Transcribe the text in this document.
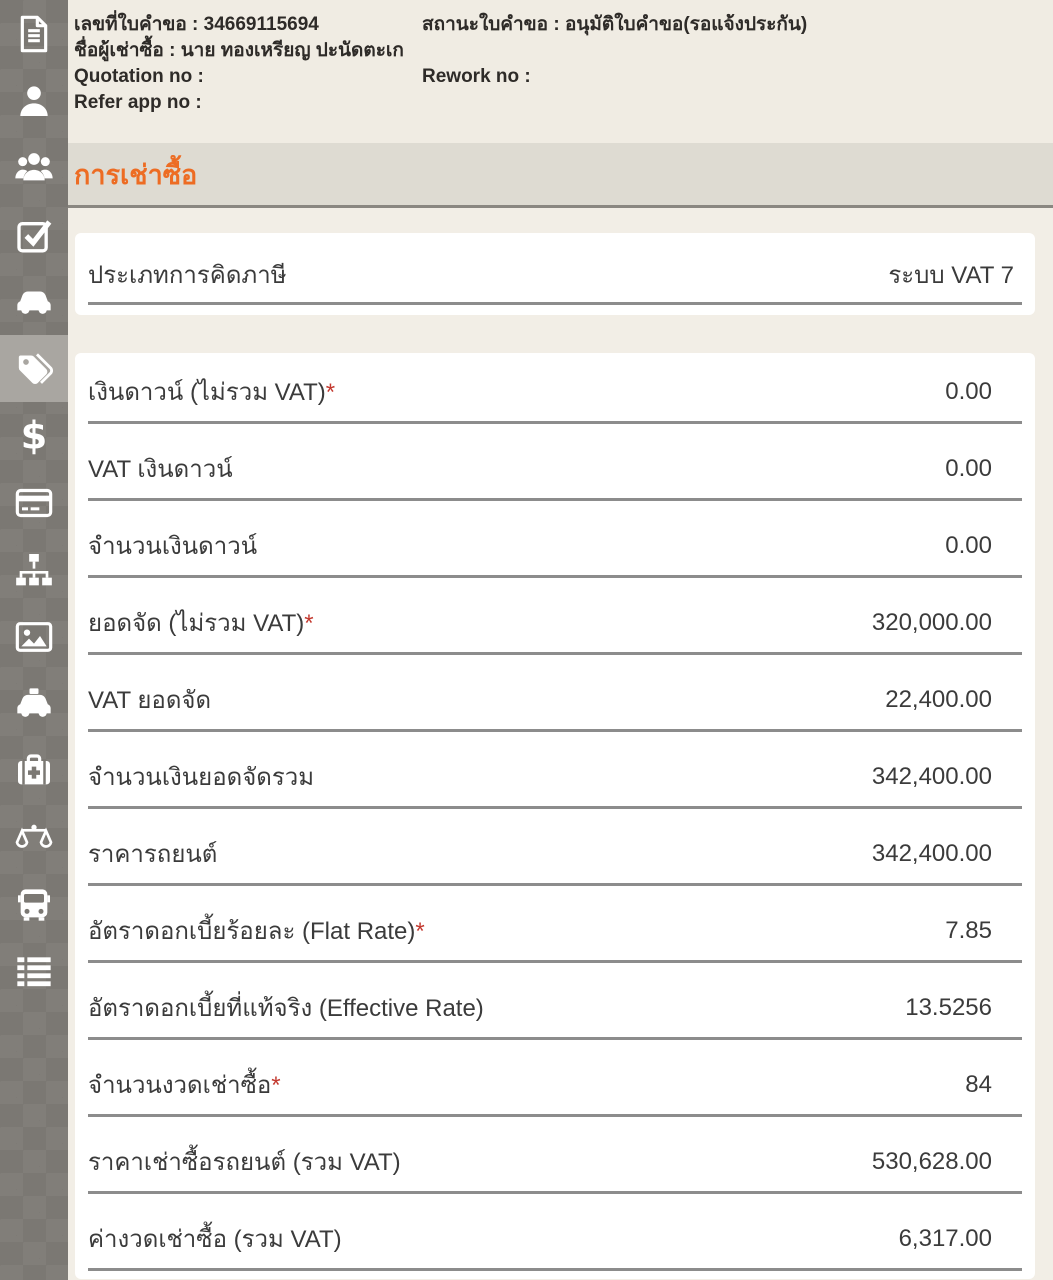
$
เลขที่ใบคำขอ : 34669115694	สถานะใบคำขอ : อนุมัติใบคำขอ(รอแจ้งประกัน)
ชื่อผู้เช่าซื้อ : นาย ทองเหรียญ ปะนัดตะเก
Quotation no :	Rework no :
Refer app no :
การเช่าซื้อ
ประเภทการคิดภาษี	ระบบ VAT 7
เงินดาวน์ (ไม่รวม VAT)*	0.00
VAT เงินดาวน์	0.00
จำนวนเงินดาวน์	0.00
ยอดจัด (ไม่รวม VAT)*	320,000.00
VAT ยอดจัด	22,400.00
จำนวนเงินยอดจัดรวม	342,400.00
ราคารถยนต์	342,400.00
อัตราดอกเบี้ยร้อยละ (Flat Rate)*	7.85
อัตราดอกเบี้ยที่แท้จริง (Effective Rate)	13.5256
จำนวนงวดเช่าซื้อ*	84
ราคาเช่าซื้อรถยนต์ (รวม VAT)	530,628.00
ค่างวดเช่าซื้อ (รวม VAT)	6,317.00
